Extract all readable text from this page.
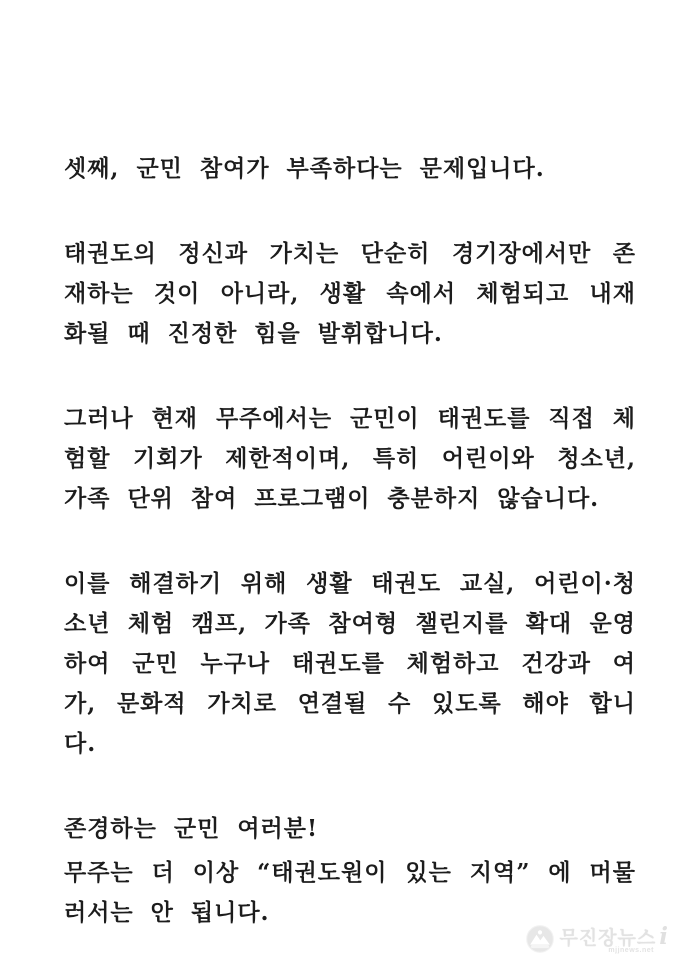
셋째, 군민 참여가 부족하다는 문제입니다.

태권도의 정신과 가치는 단순히 경기장에서만 존재하는 것이 아니라, 생활 속에서 체험되고 내재화될 때 진정한 힘을 발휘합니다.

그러나 현재 무주에서는 군민이 태권도를 직접 체험할 기회가 제한적이며, 특히 어린이와 청소년, 가족 단위 참여 프로그램이 충분하지 않습니다.

이를 해결하기 위해 생활 태권도 교실, 어린이·청소년 체험 캠프, 가족 참여형 챌린지를 확대 운영하여 군민 누구나 태권도를 체험하고 건강과 여가, 문화적 가치로 연결될 수 있도록 해야 합니다.

존경하는 군민 여러분!

무주는 더 이상 “태권도원이 있는 지역” 에 머물러서는 안 됩니다.

무진장뉴스 i
mjjnews.net
